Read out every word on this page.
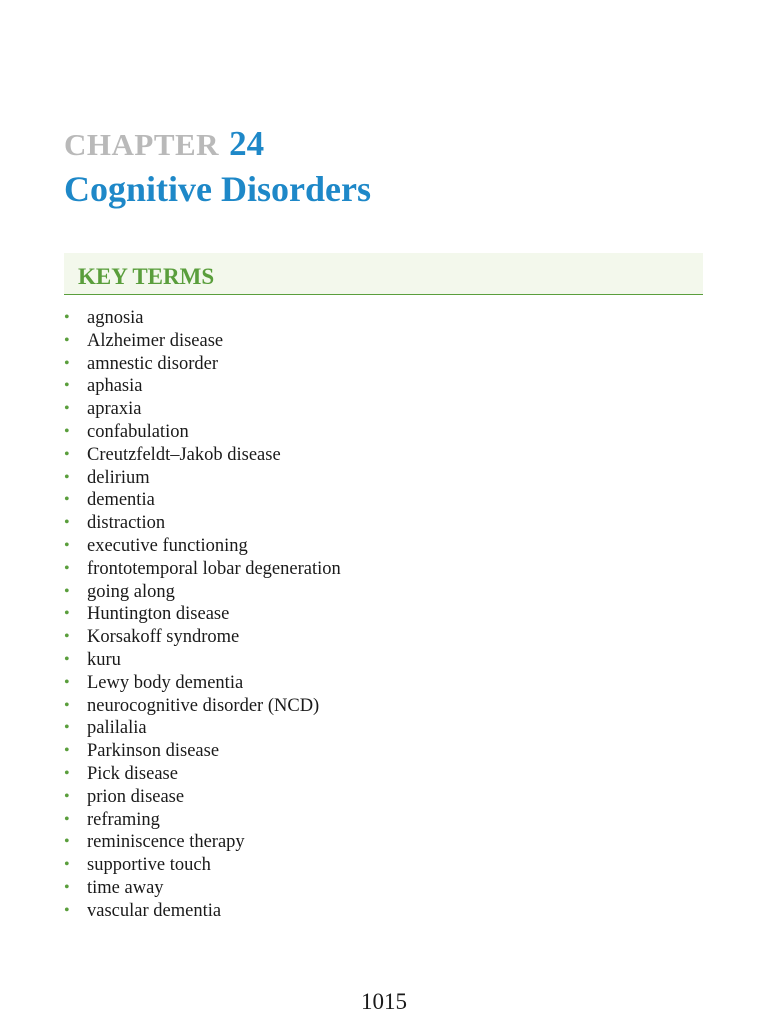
CHAPTER 24
Cognitive Disorders
KEY TERMS
• agnosia
• Alzheimer disease
• amnestic disorder
• aphasia
• apraxia
• confabulation
• Creutzfeldt–Jakob disease
• delirium
• dementia
• distraction
• executive functioning
• frontotemporal lobar degeneration
• going along
• Huntington disease
• Korsakoff syndrome
• kuru
• Lewy body dementia
• neurocognitive disorder (NCD)
• palilalia
• Parkinson disease
• Pick disease
• prion disease
• reframing
• reminiscence therapy
• supportive touch
• time away
• vascular dementia

1015
